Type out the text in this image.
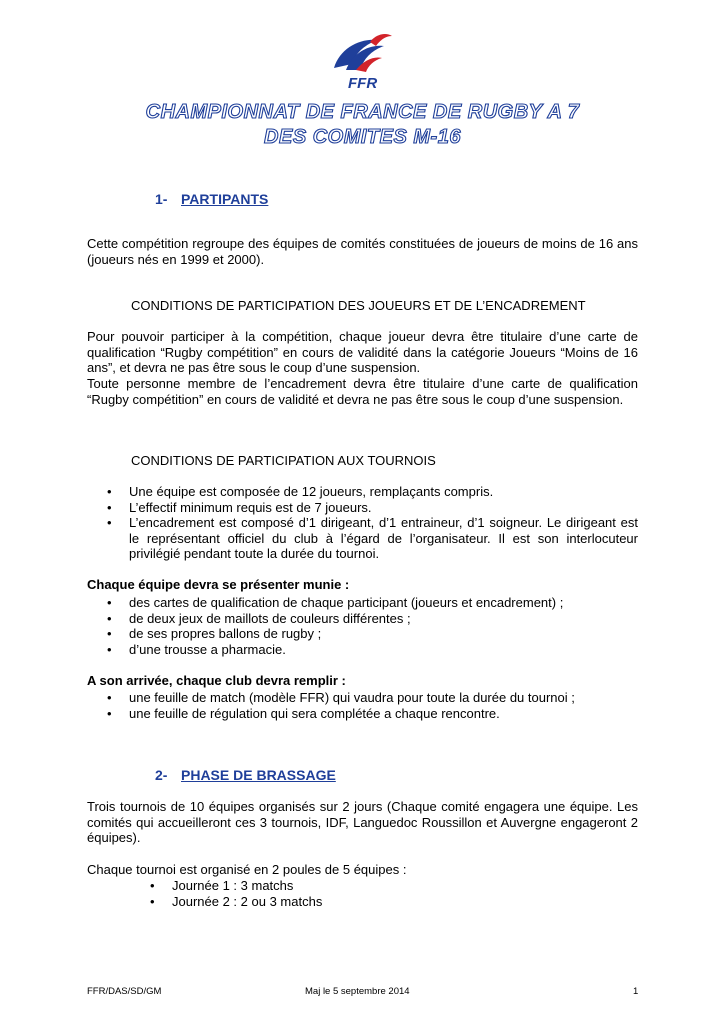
FFR
CHAMPIONNAT DE FRANCE DE RUGBY A 7
DES COMITES M-16
1- PARTIPANTS
Cette compétition regroupe des équipes de comités constituées de joueurs de moins de 16 ans (joueurs nés en 1999 et 2000).
CONDITIONS DE PARTICIPATION DES JOUEURS ET DE L’ENCADREMENT
Pour pouvoir participer à la compétition, chaque joueur devra être titulaire d’une carte de qualification “Rugby compétition” en cours de validité dans la catégorie Joueurs “Moins de 16 ans”, et devra ne pas être sous le coup d’une suspension.
Toute personne membre de l’encadrement devra être titulaire d’une carte de qualification “Rugby compétition” en cours de validité et devra ne pas être sous le coup d’une suspension.
CONDITIONS DE PARTICIPATION AUX TOURNOIS
• Une équipe est composée de 12 joueurs, remplaçants compris.
• L’effectif minimum requis est de 7 joueurs.
• L’encadrement est composé d’1 dirigeant, d’1 entraineur, d’1 soigneur. Le dirigeant est le représentant officiel du club à l’égard de l’organisateur. Il est son interlocuteur privilégié pendant toute la durée du tournoi.
Chaque équipe devra se présenter munie :
• des cartes de qualification de chaque participant (joueurs et encadrement) ;
• de deux jeux de maillots de couleurs différentes ;
• de ses propres ballons de rugby ;
• d’une trousse a pharmacie.
A son arrivée, chaque club devra remplir :
• une feuille de match (modèle FFR) qui vaudra pour toute la durée du tournoi ;
• une feuille de régulation qui sera complétée a chaque rencontre.
2- PHASE DE BRASSAGE
Trois tournois de 10 équipes organisés sur 2 jours (Chaque comité engagera une équipe. Les comités qui accueilleront ces 3 tournois, IDF, Languedoc Roussillon et Auvergne engageront 2 équipes).
Chaque tournoi est organisé en 2 poules de 5 équipes :
• Journée 1 : 3 matchs
• Journée 2 : 2 ou 3 matchs
FFR/DAS/SD/GM	Maj le 5 septembre 2014	1
